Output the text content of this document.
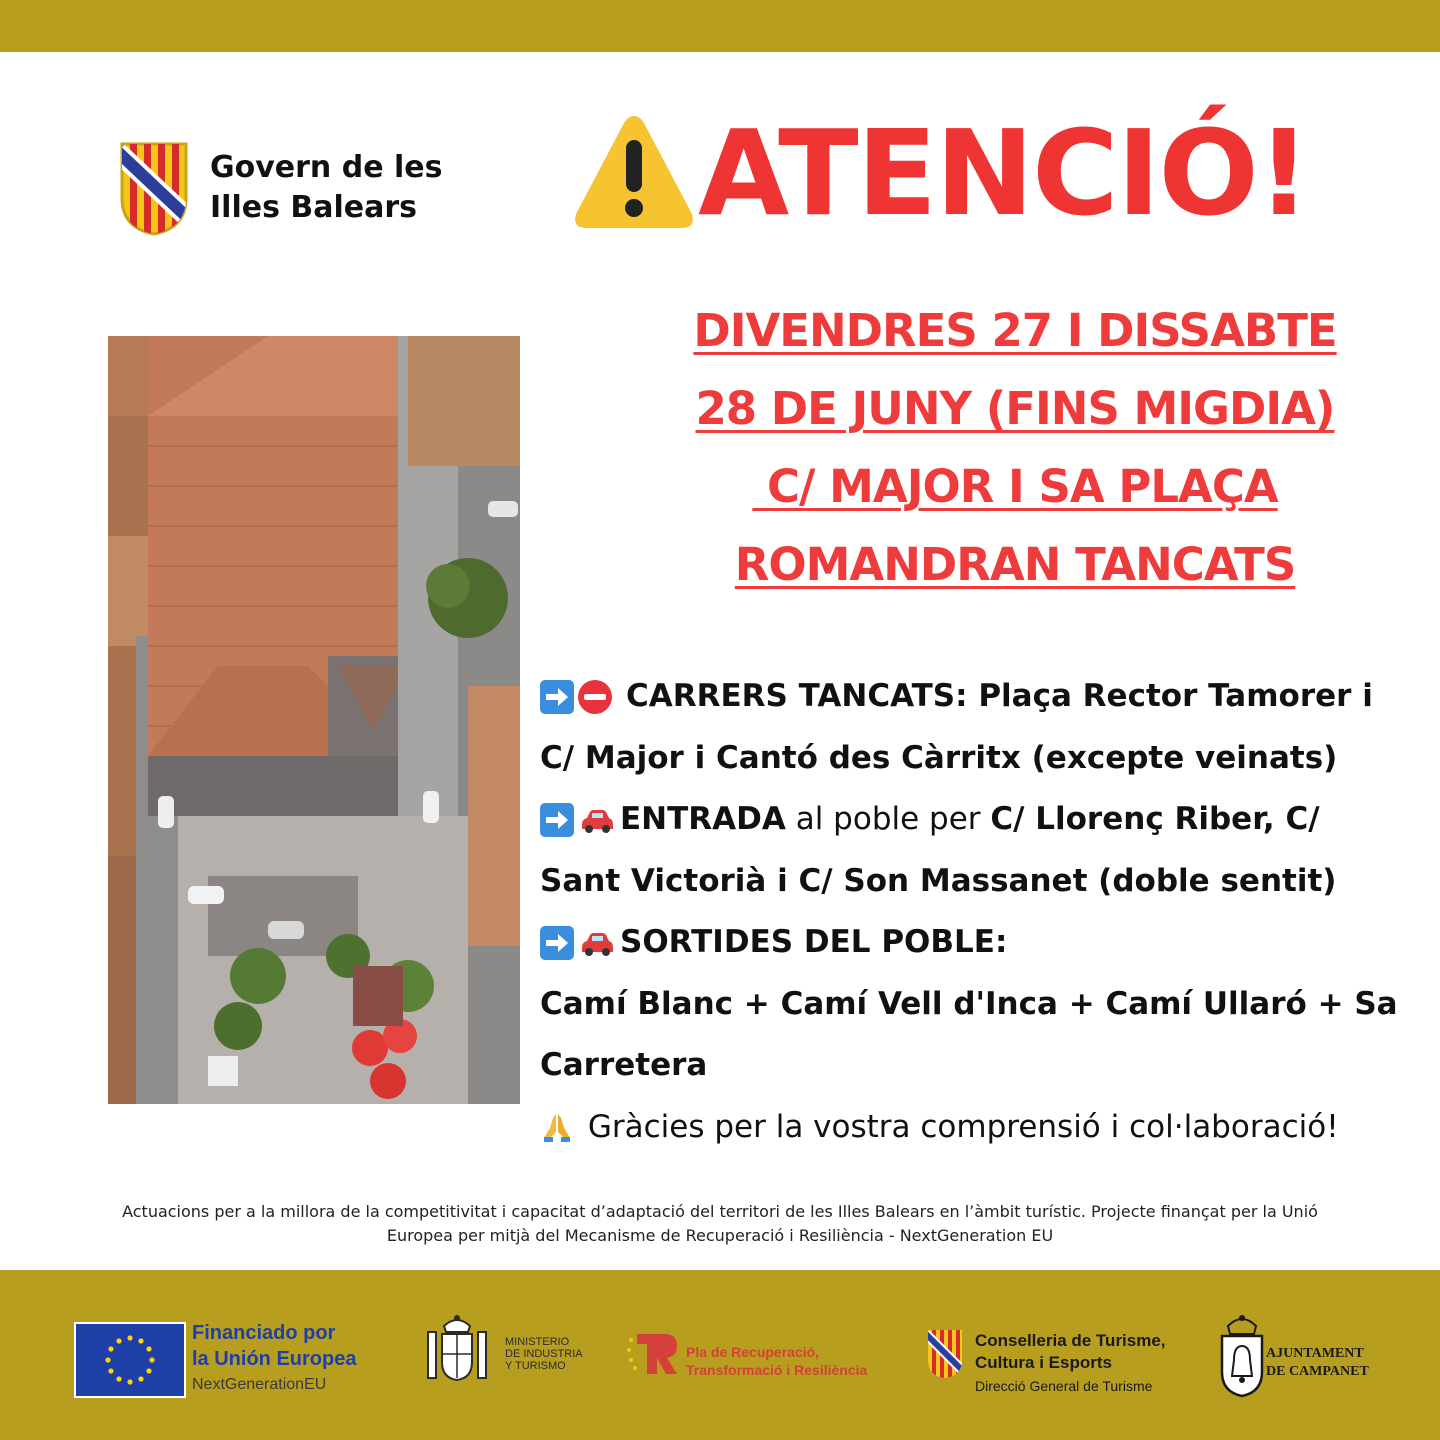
Govern de les
Illes Balears ATENCIÓ!
DIVENDRES 27 I DISSABTE
28 DE JUNY (FINS MIGDIA)
C/ MAJOR I SA PLAÇA
ROMANDRAN TANCATS
CARRERS TANCATS: Plaça Rector Tamorer i
C/ Major i Cantó des Càrritx (excepte veinats)
ENTRADA al poble per C/ Llorenç Riber, C/
Sant Victorià i C/ Son Massanet (doble sentit)
SORTIDES DEL POBLE:
Camí Blanc + Camí Vell d'Inca + Camí Ullaró + Sa
Carretera
Gràcies per la vostra comprensió i col·laboració!
Actuacions per a la millora de la competitivitat i capacitat d’adaptació del territori de les Illes Balears en l’àmbit turístic. Projecte finançat per la Unió
Europea per mitjà del Mecanisme de Recuperació i Resiliència - NextGeneration EU
Financiado por
la Unión Europea
NextGenerationEU
MINISTERIO
DE INDUSTRIA
Y TURISMO
Pla de Recuperació,
Transformació i Resiliència
Conselleria de Turisme,
Cultura i Esports
Direcció General de Turisme
AJUNTAMENT
DE CAMPANET
